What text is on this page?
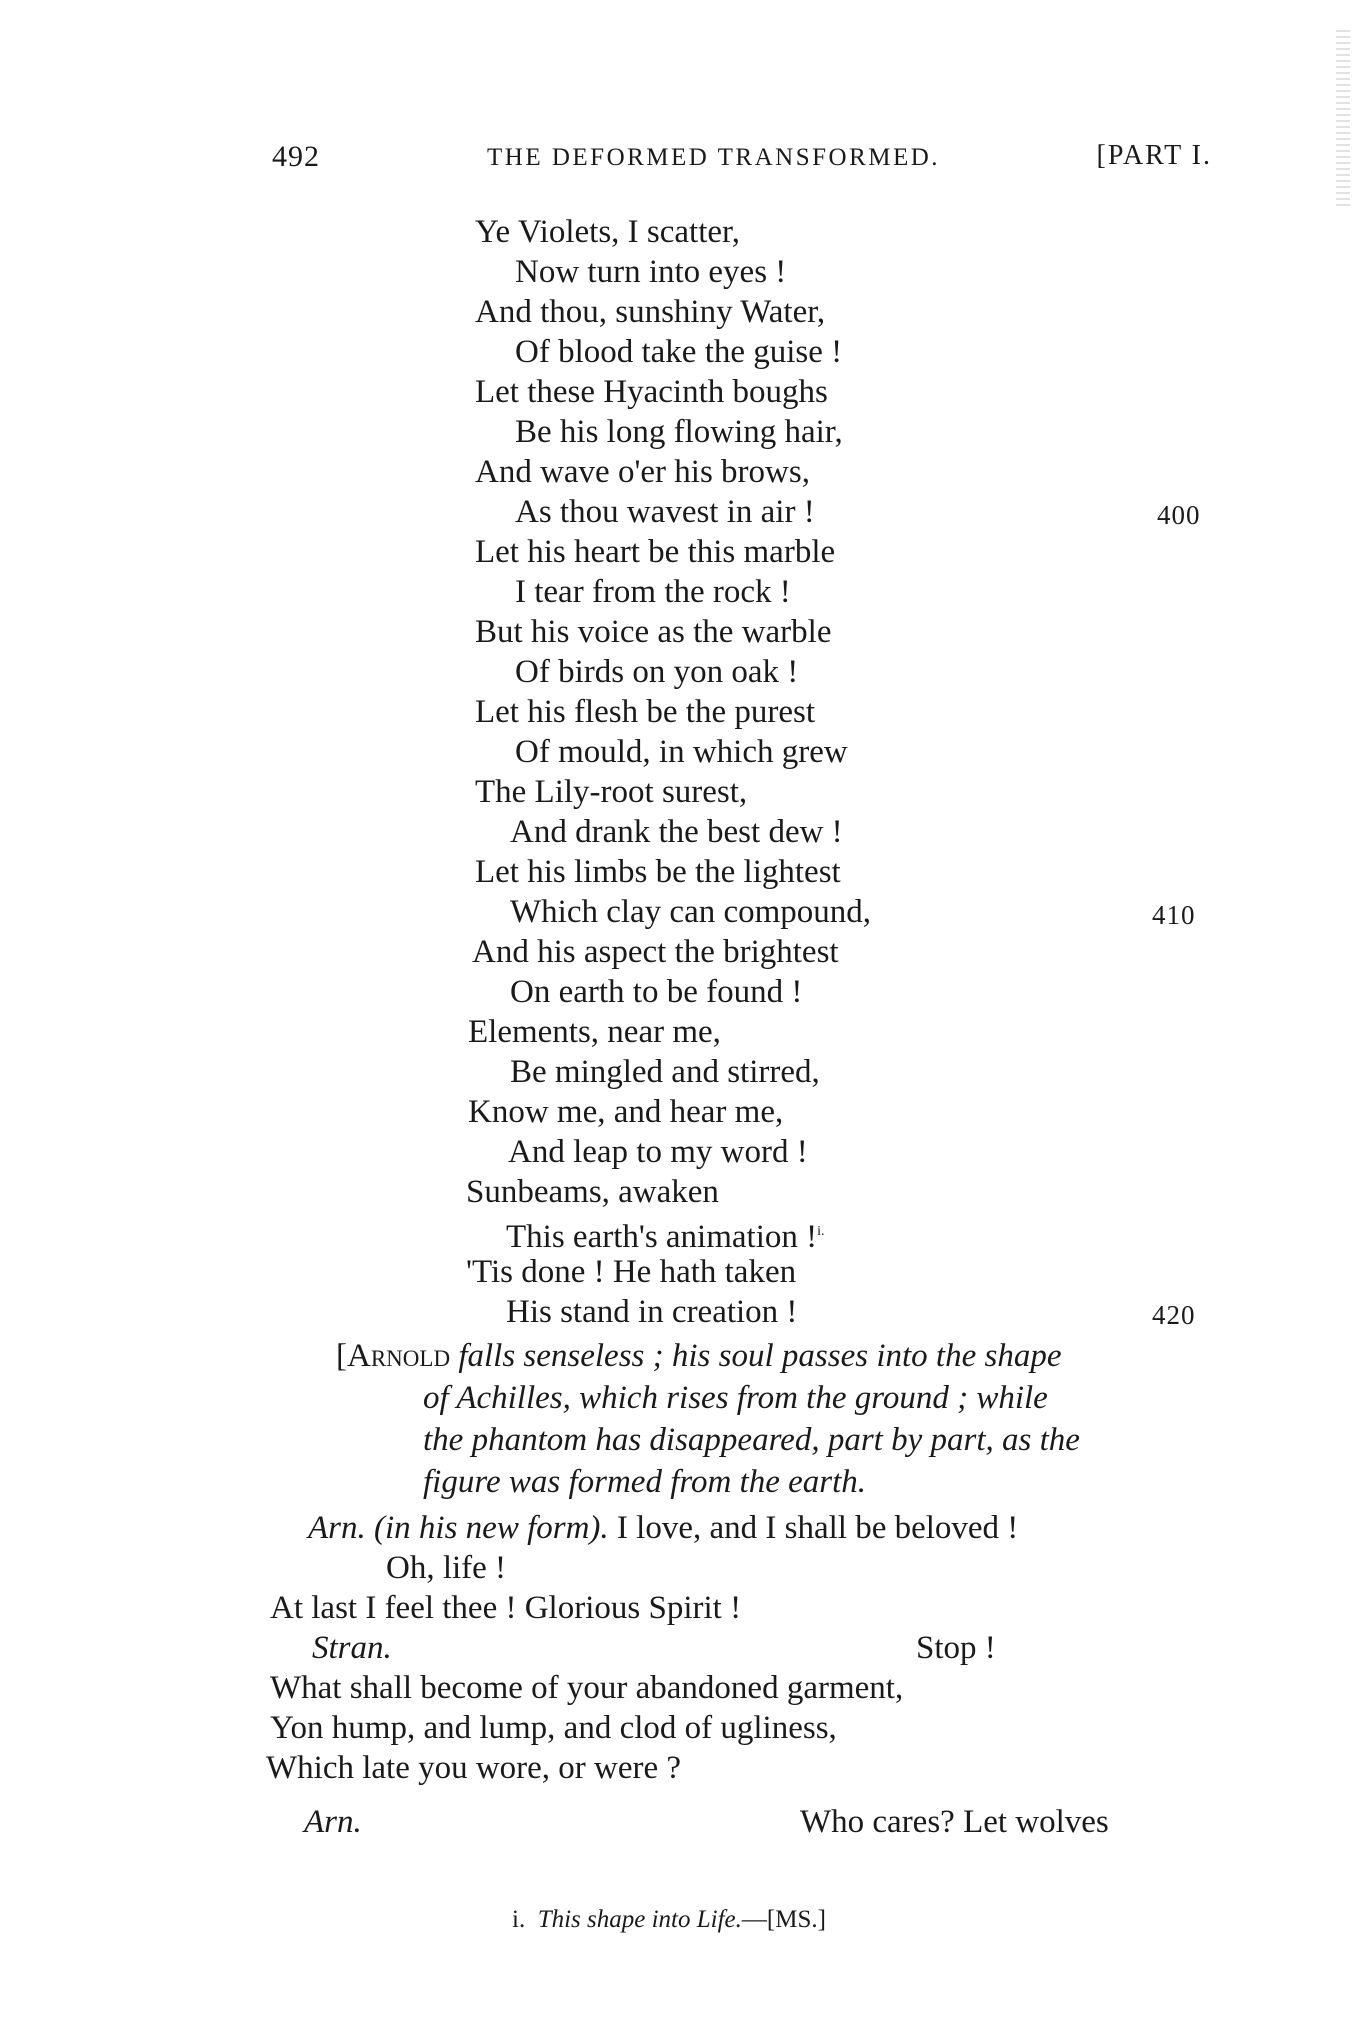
492	THE DEFORMED TRANSFORMED.	[PART I.
Ye Violets, I scatter,
Now turn into eyes !
And thou, sunshiny Water,
Of blood take the guise !
Let these Hyacinth boughs
Be his long flowing hair,
And wave o'er his brows,
As thou wavest in air !	400
Let his heart be this marble
I tear from the rock !
But his voice as the warble
Of birds on yon oak !
Let his flesh be the purest
Of mould, in which grew
The Lily-root surest,
And drank the best dew !
Let his limbs be the lightest
Which clay can compound,	410
And his aspect the brightest
On earth to be found !
Elements, near me,
Be mingled and stirred,
Know me, and hear me,
And leap to my word !
Sunbeams, awaken
This earth's animation !$^{i.}$
'Tis done ! He hath taken
His stand in creation !	420
[Arnold falls senseless ; his soul passes into the shape
of Achilles, which rises from the ground ; while
the phantom has disappeared, part by part, as the
figure was formed from the earth.
Arn. (in his new form). I love, and I shall be beloved !
Oh, life !
At last I feel thee ! Glorious Spirit !
Stran.	Stop !
What shall become of your abandoned garment,
Yon hump, and lump, and clod of ugliness,
Which late you wore, or were ?
Arn.	Who cares? Let wolves
i. This shape into Life.—[MS.]
